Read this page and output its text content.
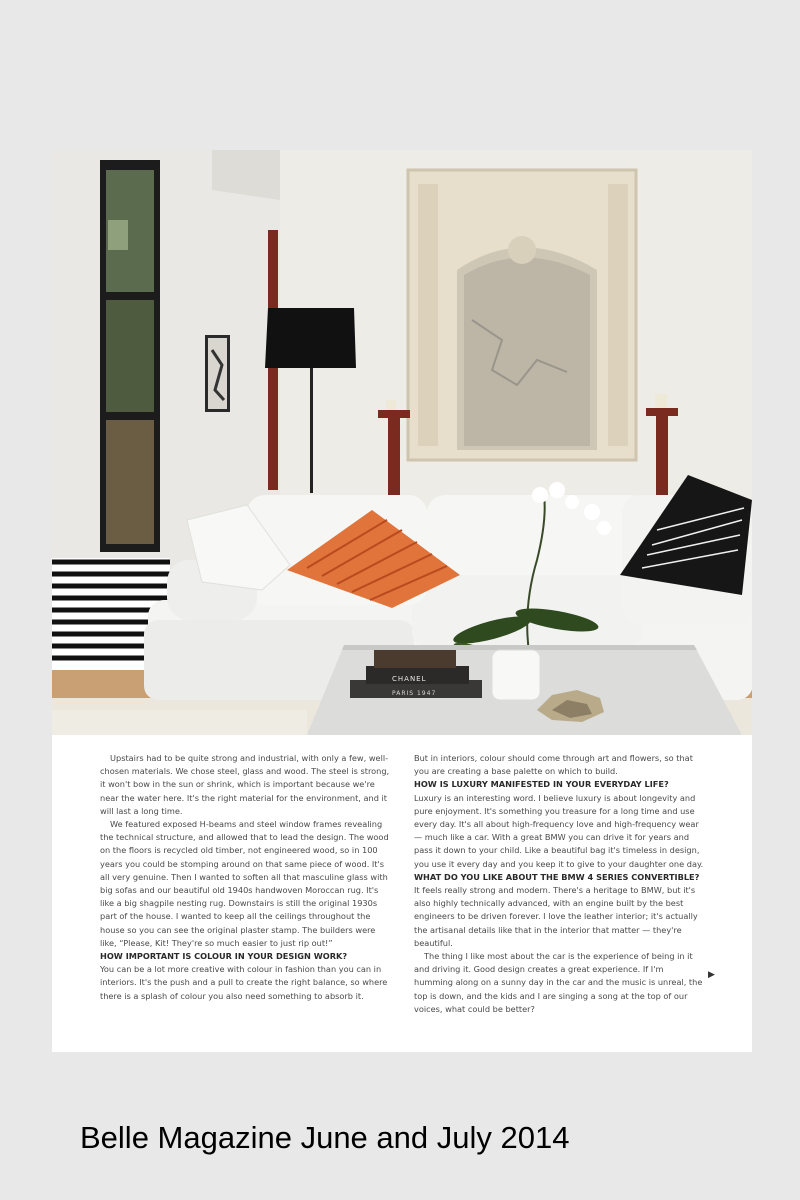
CHANEL
PARIS 1947

Upstairs had to be quite strong and industrial, with only a few, well-chosen materials. We chose steel, glass and wood. The steel is strong, it won't bow in the sun or shrink, which is important because we're near the water here. It's the right material for the environment, and it will last a long time.

We featured exposed H-beams and steel window frames revealing the technical structure, and allowed that to lead the design. The wood on the floors is recycled old timber, not engineered wood, so in 100 years you could be stomping around on that same piece of wood. It's all very genuine. Then I wanted to soften all that masculine glass with big sofas and our beautiful old 1940s handwoven Moroccan rug. It's like a big shagpile nesting rug. Downstairs is still the original 1930s part of the house. I wanted to keep all the ceilings throughout the house so you can see the original plaster stamp. The builders were like, “Please, Kit! They're so much easier to just rip out!”

HOW IMPORTANT IS COLOUR IN YOUR DESIGN WORK?

You can be a lot more creative with colour in fashion than you can in interiors. It's the push and a pull to create the right balance, so where there is a splash of colour you also need something to absorb it.

But in interiors, colour should come through art and flowers, so that you are creating a base palette on which to build.

HOW IS LUXURY MANIFESTED IN YOUR EVERYDAY LIFE?

Luxury is an interesting word. I believe luxury is about longevity and pure enjoyment. It's something you treasure for a long time and use every day. It's all about high-frequency love and high-frequency wear — much like a car. With a great BMW you can drive it for years and pass it down to your child. Like a beautiful bag it's timeless in design, you use it every day and you keep it to give to your daughter one day.

WHAT DO YOU LIKE ABOUT THE BMW 4 SERIES CONVERTIBLE?

It feels really strong and modern. There's a heritage to BMW, but it's also highly technically advanced, with an engine built by the best engineers to be driven forever. I love the leather interior; it's actually the artisanal details like that in the interior that matter — they're beautiful.

The thing I like most about the car is the experience of being in it and driving it. Good design creates a great experience. If I'm humming along on a sunny day in the car and the music is unreal, the top is down, and the kids and I are singing a song at the top of our voices, what could be better?

▶
Belle Magazine June and July 2014
